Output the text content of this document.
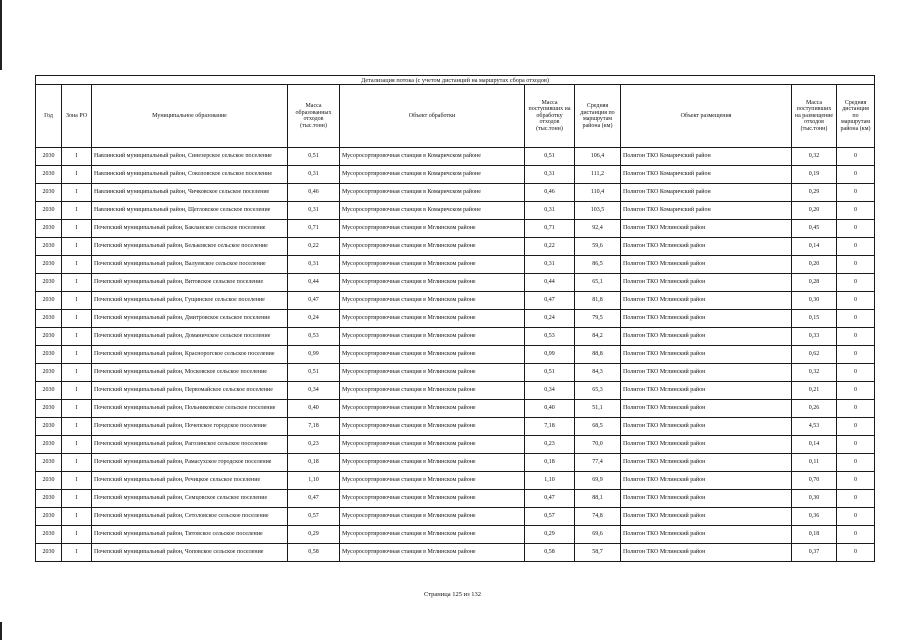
Детализация потока (с учетом дистанций на маршрутах сбора отходов)									
Год	Зона РО	Муниципальное образование	Масса образованных отходов (тыс.тонн)	Объект обработки	Масса поступивших на обработку отходов (тыс.тонн)	Средняя дистанция по маршрутам района (км)	Объект размещения	Масса поступивших на размещение отходов (тыс.тонн)	Средняя дистанция по маршрутам района (км)
2030	I	Навлинский муниципальный район, Синезерское сельское поселение	0,51	Мусоросортировочная станция в Комаричском районе	0,51	106,4	Полигон ТКО Комаричский район	0,32	0
2030	I	Навлинский муниципальный район, Соколовское сельское поселение	0,31	Мусоросортировочная станция в Комаричском районе	0,31	111,2	Полигон ТКО Комаричский район	0,19	0
2030	I	Навлинский муниципальный район, Чичковское сельское поселение	0,46	Мусоросортировочная станция в Комаричском районе	0,46	110,4	Полигон ТКО Комаричский район	0,29	0
2030	I	Навлинский муниципальный район, Щегловское сельское поселение	0,31	Мусоросортировочная станция в Комаричском районе	0,31	103,5	Полигон ТКО Комаричский район	0,20	0
2030	I	Почепский муниципальный район, Бакланское сельское поселение	0,71	Мусоросортировочная станция в Мглинском районе	0,71	92,4	Полигон ТКО Мглинский район	0,45	0
2030	I	Почепский муниципальный район, Бельковское сельское поселение	0,22	Мусоросортировочная станция в Мглинском районе	0,22	59,6	Полигон ТКО Мглинский район	0,14	0
2030	I	Почепский муниципальный район, Валуевское сельское поселение	0,31	Мусоросортировочная станция в Мглинском районе	0,31	86,5	Полигон ТКО Мглинский район	0,20	0
2030	I	Почепский муниципальный район, Витовское сельское поселение	0,44	Мусоросортировочная станция в Мглинском районе	0,44	65,1	Полигон ТКО Мглинский район	0,28	0
2030	I	Почепский муниципальный район, Гущинское сельское поселение	0,47	Мусоросортировочная станция в Мглинском районе	0,47	81,8	Полигон ТКО Мглинский район	0,30	0
2030	I	Почепский муниципальный район, Дмитровское сельское поселение	0,24	Мусоросортировочная станция в Мглинском районе	0,24	79,5	Полигон ТКО Мглинский район	0,15	0
2030	I	Почепский муниципальный район, Доманичское сельское поселение	0,53	Мусоросортировочная станция в Мглинском районе	0,53	84,2	Полигон ТКО Мглинский район	0,33	0
2030	I	Почепский муниципальный район, Краснорогское сельское поселение	0,99	Мусоросортировочная станция в Мглинском районе	0,99	88,8	Полигон ТКО Мглинский район	0,62	0
2030	I	Почепский муниципальный район, Московское сельское поселение	0,51	Мусоросортировочная станция в Мглинском районе	0,51	84,3	Полигон ТКО Мглинский район	0,32	0
2030	I	Почепский муниципальный район, Первомайское сельское поселение	0,34	Мусоросортировочная станция в Мглинском районе	0,34	65,3	Полигон ТКО Мглинский район	0,21	0
2030	I	Почепский муниципальный район, Польниковское сельское поселение	0,40	Мусоросортировочная станция в Мглинском районе	0,40	51,1	Полигон ТКО Мглинский район	0,26	0
2030	I	Почепский муниципальный район, Почепское городское поселение	7,18	Мусоросортировочная станция в Мглинском районе	7,18	68,5	Полигон ТКО Мглинский район	4,53	0
2030	I	Почепский муниципальный район, Рагозинское сельское поселение	0,23	Мусоросортировочная станция в Мглинском районе	0,23	70,0	Полигон ТКО Мглинский район	0,14	0
2030	I	Почепский муниципальный район, Рамасухское городское поселение	0,18	Мусоросортировочная станция в Мглинском районе	0,18	77,4	Полигон ТКО Мглинский район	0,11	0
2030	I	Почепский муниципальный район, Речицкое сельское поселение	1,10	Мусоросортировочная станция в Мглинском районе	1,10	69,9	Полигон ТКО Мглинский район	0,70	0
2030	I	Почепский муниципальный район, Семцовское сельское поселение	0,47	Мусоросортировочная станция в Мглинском районе	0,47	88,1	Полигон ТКО Мглинский район	0,30	0
2030	I	Почепский муниципальный район, Сетоловское сельское поселение	0,57	Мусоросортировочная станция в Мглинском районе	0,57	74,8	Полигон ТКО Мглинский район	0,36	0
2030	I	Почепский муниципальный район, Титовское сельское поселение	0,29	Мусоросортировочная станция в Мглинском районе	0,29	69,6	Полигон ТКО Мглинский район	0,18	0
2030	I	Почепский муниципальный район, Чоповское сельское поселение	0,58	Мусоросортировочная станция в Мглинском районе	0,58	58,7	Полигон ТКО Мглинский район	0,37	0
Страница 125 из 132
